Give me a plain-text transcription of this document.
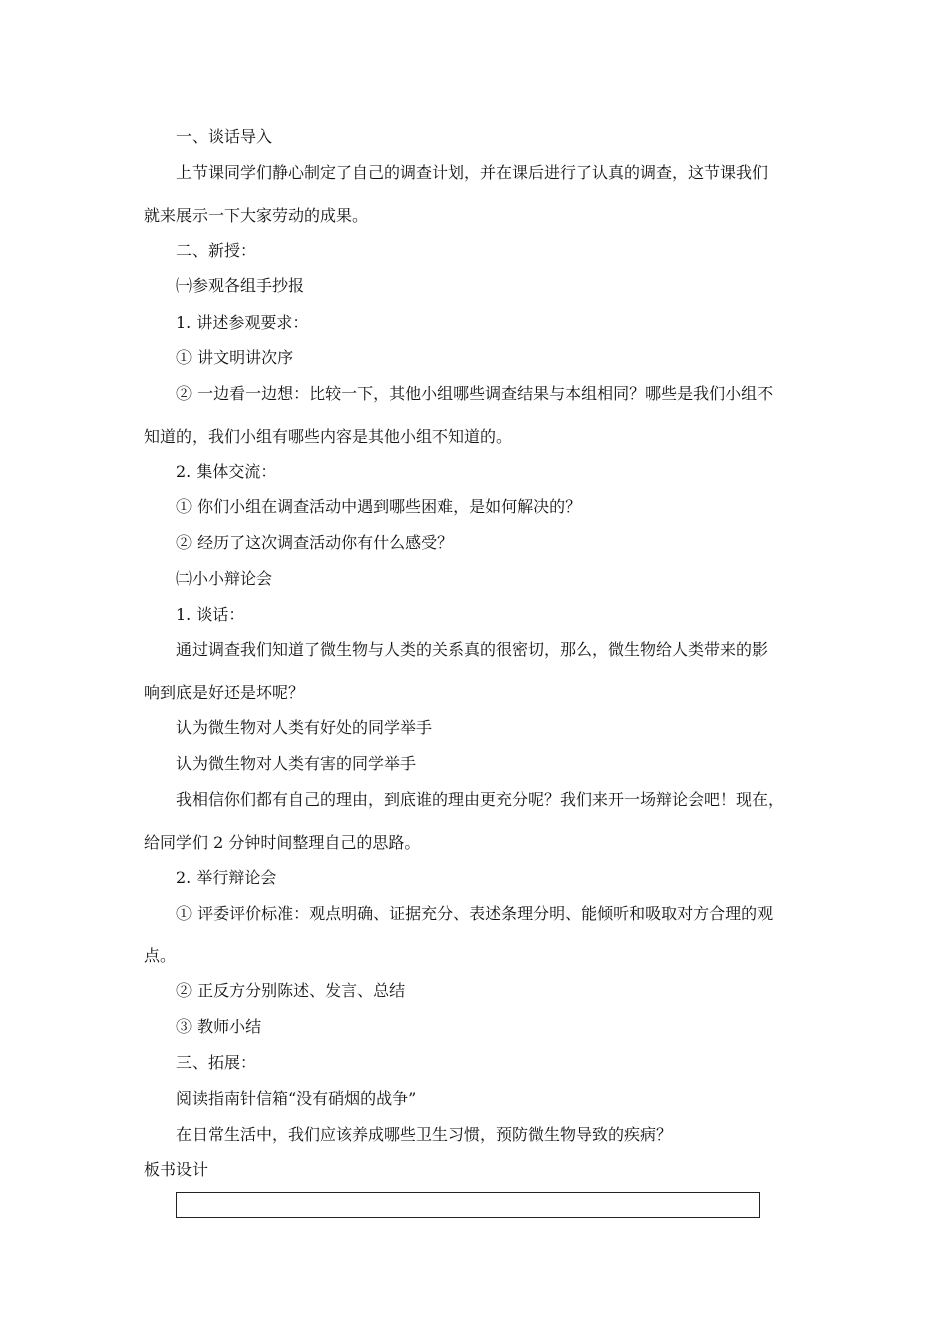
一、谈话导入
上节课同学们静心制定了自己的调查计划，并在课后进行了认真的调查，这节课我们
就来展示一下大家劳动的成果。
二、新授：
㈠参观各组手抄报
1. 讲述参观要求：
① 讲文明讲次序
② 一边看一边想：比较一下，其他小组哪些调查结果与本组相同？哪些是我们小组不
知道的，我们小组有哪些内容是其他小组不知道的。
2. 集体交流：
① 你们小组在调查活动中遇到哪些困难，是如何解决的？
② 经历了这次调查活动你有什么感受？
㈡小小辩论会
1. 谈话：
通过调查我们知道了微生物与人类的关系真的很密切，那么，微生物给人类带来的影
响到底是好还是坏呢？
认为微生物对人类有好处的同学举手
认为微生物对人类有害的同学举手
我相信你们都有自己的理由，到底谁的理由更充分呢？我们来开一场辩论会吧！现在，
给同学们 2 分钟时间整理自己的思路。
2. 举行辩论会
① 评委评价标准：观点明确、证据充分、表述条理分明、能倾听和吸取对方合理的观
点。
② 正反方分别陈述、发言、总结
③ 教师小结
三、拓展：
阅读指南针信箱“没有硝烟的战争”
在日常生活中，我们应该养成哪些卫生习惯，预防微生物导致的疾病？
板书设计
